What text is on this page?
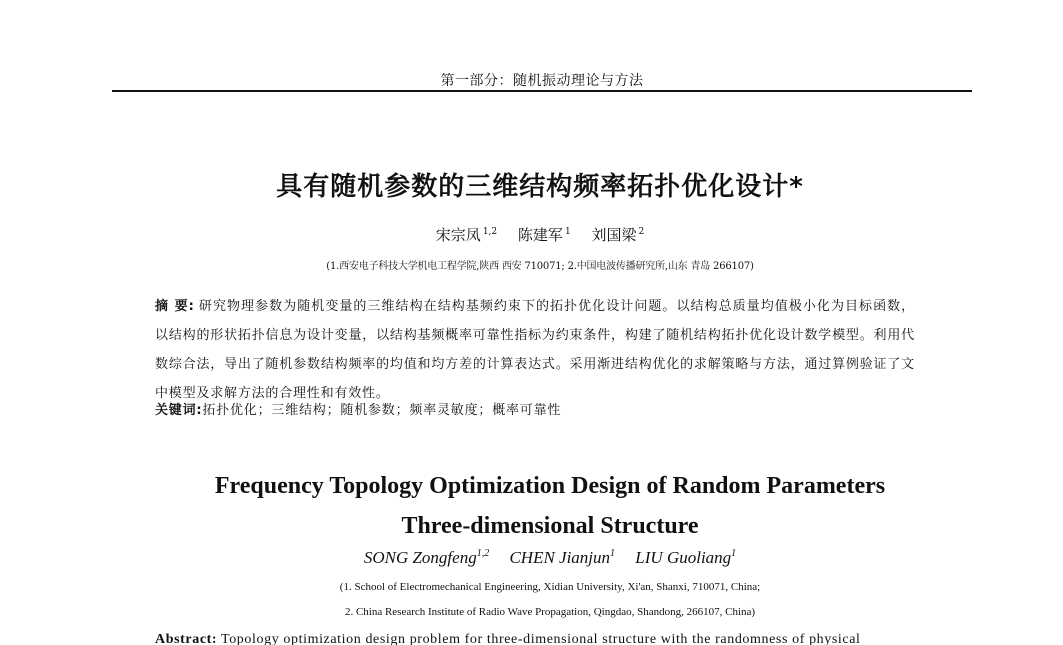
第一部分：随机振动理论与方法
具有随机参数的三维结构频率拓扑优化设计*
宋宗凤 $^{1,2}$ 陈建军 $^1$ 刘国梁 $^2$
(1.西安电子科技大学机电工程学院,陕西 西安 710071; 2.中国电波传播研究所,山东 青岛 266107)
摘 要: 研究物理参数为随机变量的三维结构在结构基频约束下的拓扑优化设计问题。以结构总质量均值极小化为目标函数，以结构的形状拓扑信息为设计变量，以结构基频概率可靠性指标为约束条件，构建了随机结构拓扑优化设计数学模型。利用代数综合法，导出了随机参数结构频率的均值和均方差的计算表达式。采用渐进结构优化的求解策略与方法，通过算例验证了文中模型及求解方法的合理性和有效性。
关键词:拓扑优化；三维结构；随机参数；频率灵敏度；概率可靠性
Frequency Topology Optimization Design of Random Parameters
Three-dimensional Structure
SONG Zongfeng$^{1,2}$ CHEN Jianjun$^1$ LIU Guoliang$^1$
(1. School of Electromechanical Engineering, Xidian University, Xi'an, Shanxi, 710071, China;
2. China Research Institute of Radio Wave Propagation, Qingdao, Shandong, 266107, China)
Abstract: Topology optimization design problem for three-dimensional structure with the randomness of physical
